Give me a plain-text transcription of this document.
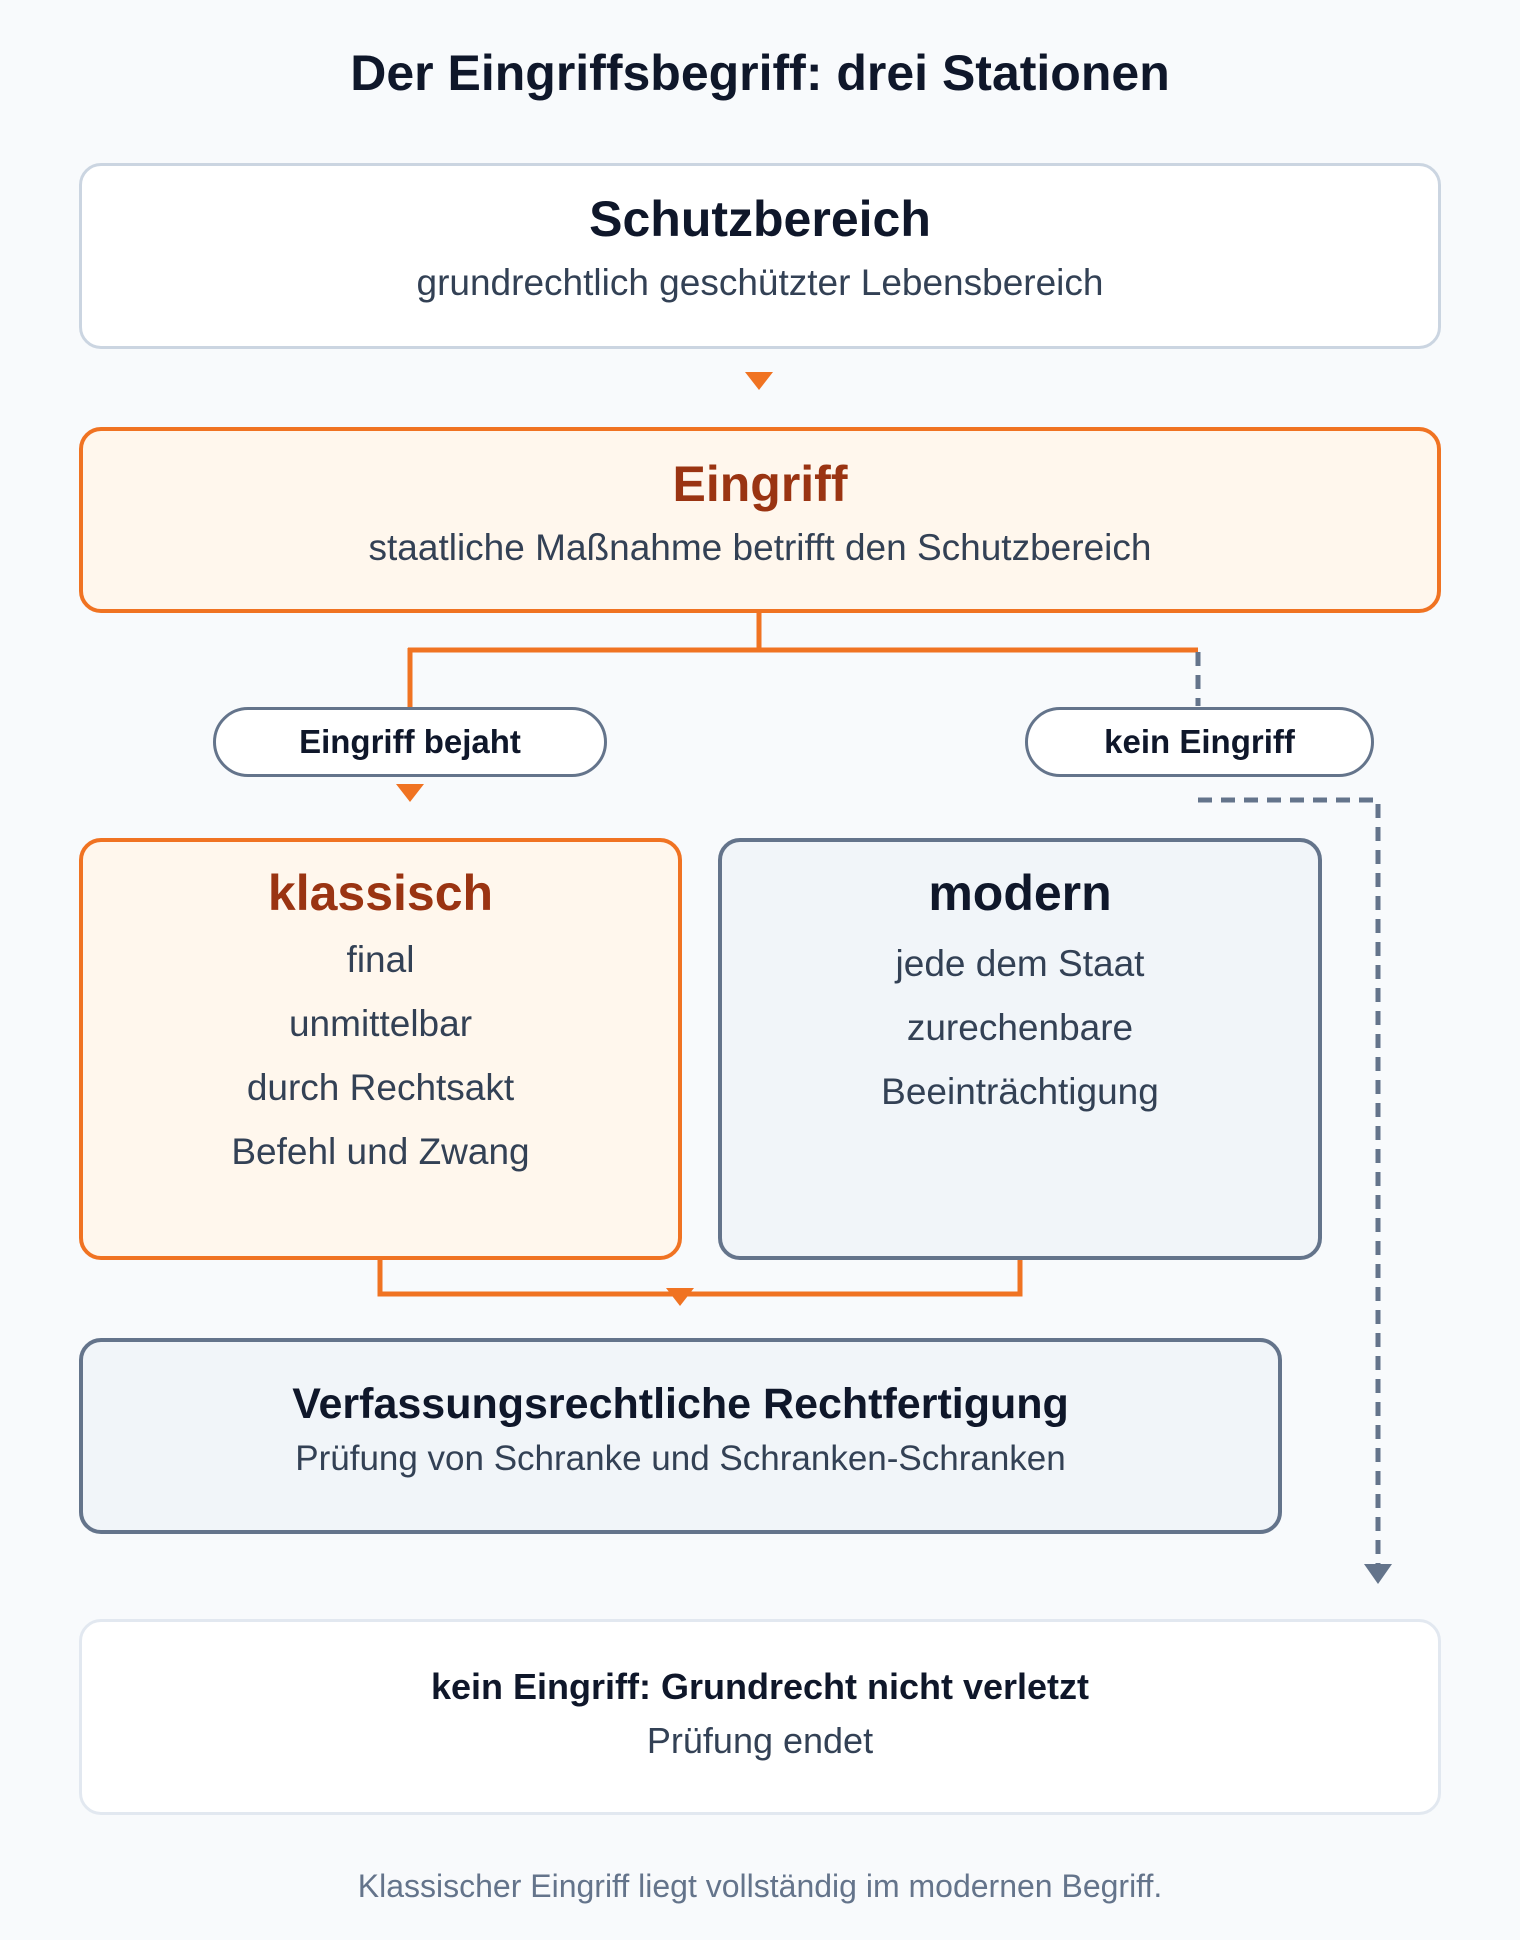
Der Eingriffsbegriff: drei Stationen
Schutzbereich
grundrechtlich geschützter Lebensbereich
Eingriff
staatliche Maßnahme betrifft den Schutzbereich
Eingriff bejaht	kein Eingriff
klassisch
final
unmittelbar
durch Rechtsakt
Befehl und Zwang
modern
jede dem Staat
zurechenbare
Beeinträchtigung
Verfassungsrechtliche Rechtfertigung
Prüfung von Schranke und Schranken-Schranken
kein Eingriff: Grundrecht nicht verletzt
Prüfung endet
Klassischer Eingriff liegt vollständig im modernen Begriff.
